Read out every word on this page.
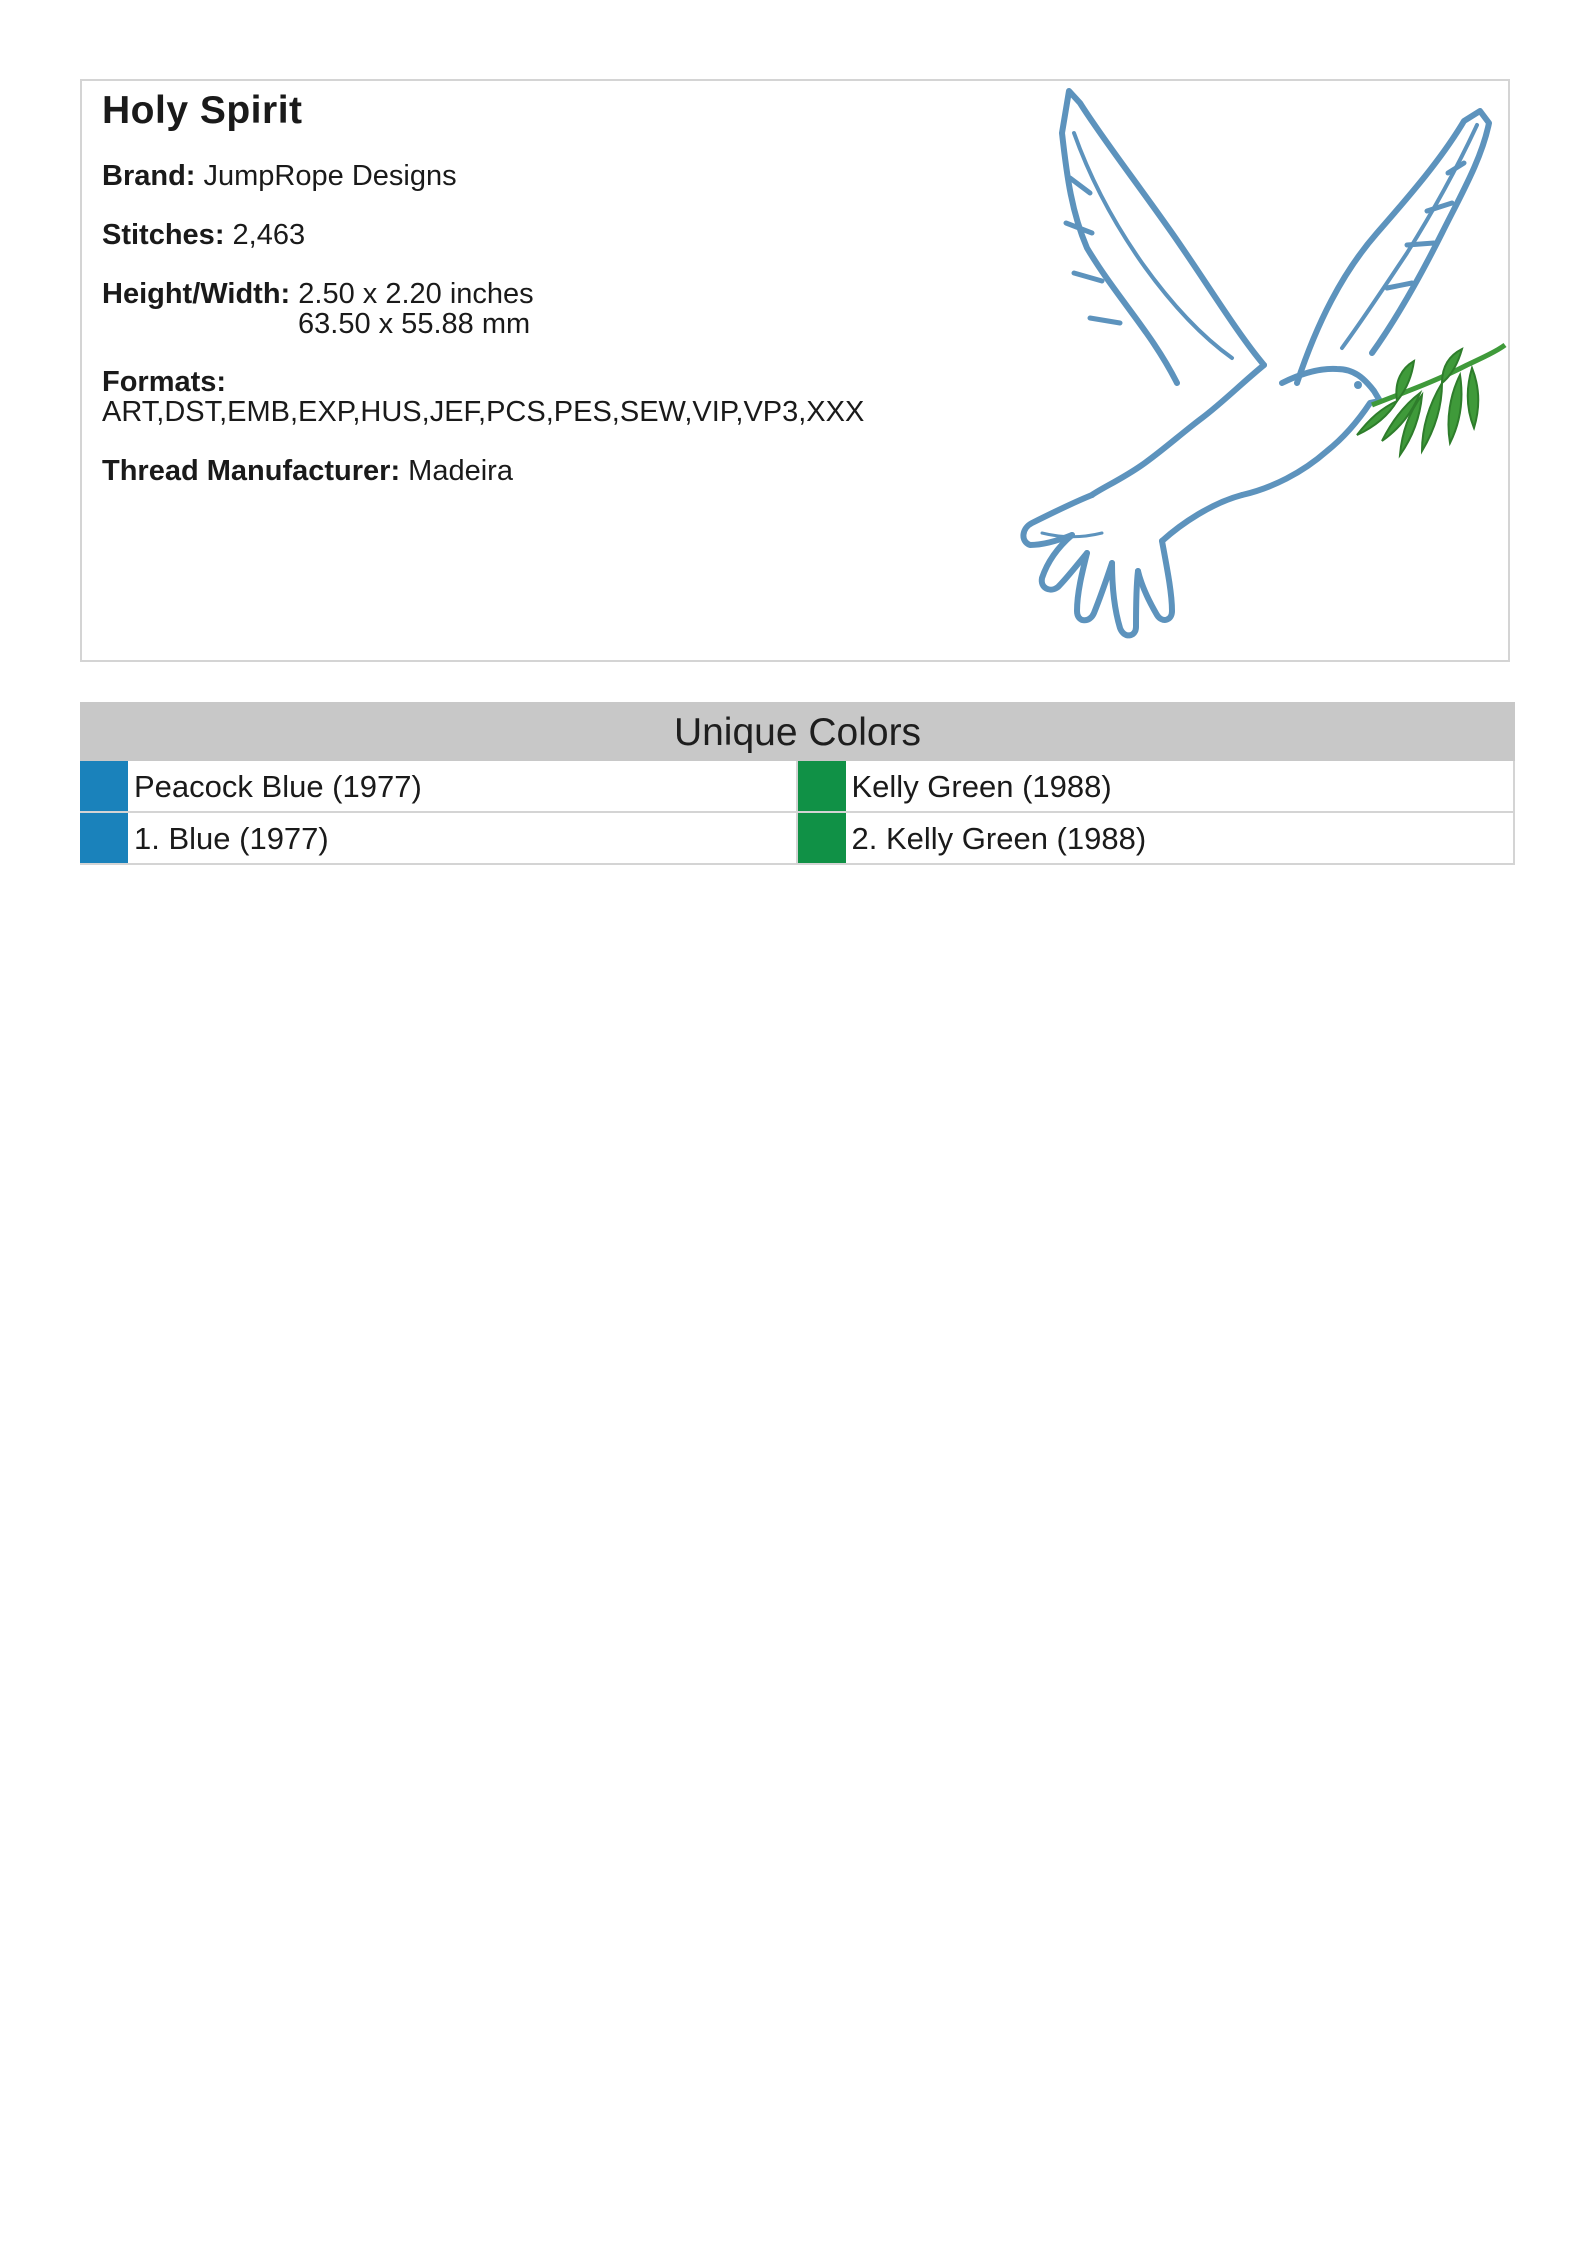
Holy Spirit
Brand: JumpRope Designs
Stitches: 2,463
Height/Width: 2.50 x 2.20 inches
63.50 x 55.88 mm
Formats:
ART,DST,EMB,EXP,HUS,JEF,PCS,PES,SEW,VIP,VP3,XXX
Thread Manufacturer: Madeira
Unique Colors
Peacock Blue (1977)	Kelly Green (1988)
1. Blue (1977)	2. Kelly Green (1988)
